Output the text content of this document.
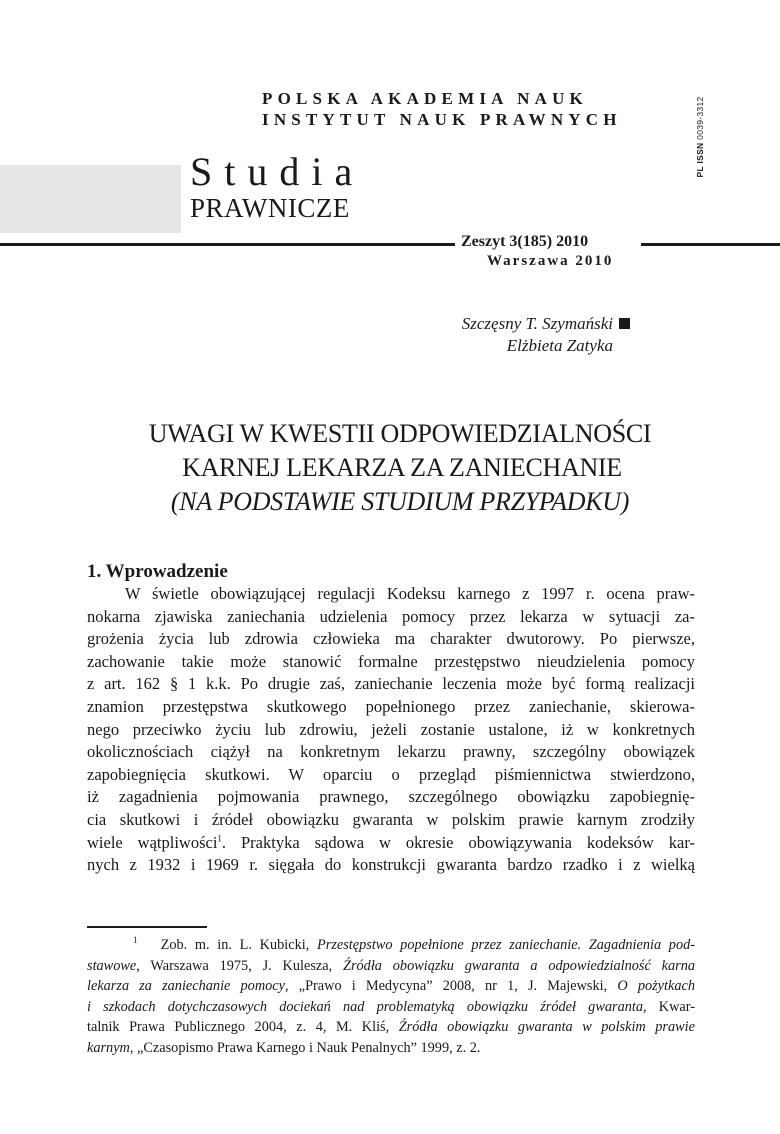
POLSKA AKADEMIA NAUK
INSTYTUT NAUK PRAWNYCH
PL ISSN 0039-3312
Studia
PRAWNICZE
Zeszyt 3(185) 2010
Warszawa 2010
Szczęsny T. Szymański
Elżbieta Zatyka
UWAGI W KWESTII ODPOWIEDZIALNOŚCI
KARNEJ LEKARZA ZA ZANIECHANIE
(NA PODSTAWIE STUDIUM PRZYPADKU)
1. Wprowadzenie
W świetle obowiązującej regulacji Kodeksu karnego z 1997 r. ocena praw-
nokarna zjawiska zaniechania udzielenia pomocy przez lekarza w sytuacji za-
grożenia życia lub zdrowia człowieka ma charakter dwutorowy. Po pierwsze,
zachowanie takie może stanowić formalne przestępstwo nieudzielenia pomocy
z art. 162 § 1 k.k. Po drugie zaś, zaniechanie leczenia może być formą realizacji
znamion przestępstwa skutkowego popełnionego przez zaniechanie, skierowa-
nego przeciwko życiu lub zdrowiu, jeżeli zostanie ustalone, iż w konkretnych
okolicznościach ciążył na konkretnym lekarzu prawny, szczególny obowiązek
zapobiegnięcia skutkowi. W oparciu o przegląd piśmiennictwa stwierdzono,
iż zagadnienia pojmowania prawnego, szczególnego obowiązku zapobiegnię-
cia skutkowi i źródeł obowiązku gwaranta w polskim prawie karnym zrodziły
wiele wątpliwości$^1$. Praktyka sądowa w okresie obowiązywania kodeksów kar-
nych z 1932 i 1969 r. sięgała do konstrukcji gwaranta bardzo rzadko i z wielką
$^1$ Zob. m. in. L. Kubicki, Przestępstwo popełnione przez zaniechanie. Zagadnienia pod-
stawowe, Warszawa 1975, J. Kulesza, Źródła obowiązku gwaranta a odpowiedzialność karna
lekarza za zaniechanie pomocy, „Prawo i Medycyna” 2008, nr 1, J. Majewski, O pożytkach
i szkodach dotychczasowych dociekań nad problematyką obowiązku źródeł gwaranta, Kwar-
talnik Prawa Publicznego 2004, z. 4, M. Kliś, Źródła obowiązku gwaranta w polskim prawie
karnym, „Czasopismo Prawa Karnego i Nauk Penalnych” 1999, z. 2.
